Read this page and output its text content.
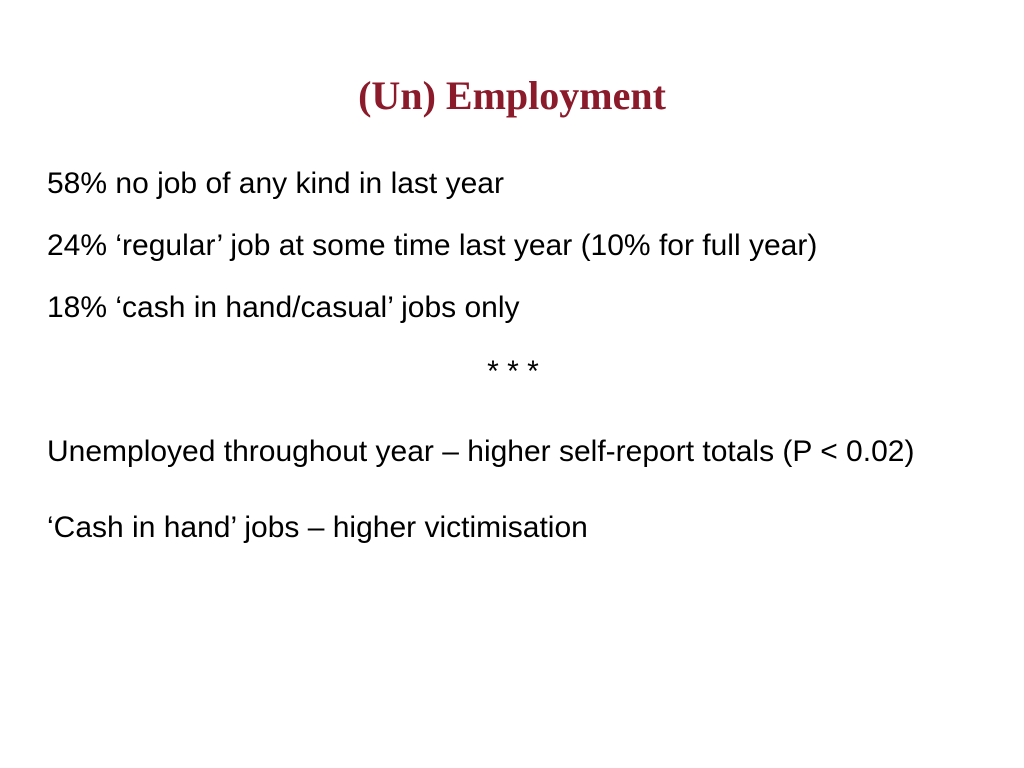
(Un) Employment
58% no job of any kind in last year
24% ‘regular’ job at some time last year (10% for full year)
18% ‘cash in hand/casual’ jobs only
* * *
Unemployed throughout year – higher self-report totals (P < 0.02)
‘Cash in hand’ jobs – higher victimisation
